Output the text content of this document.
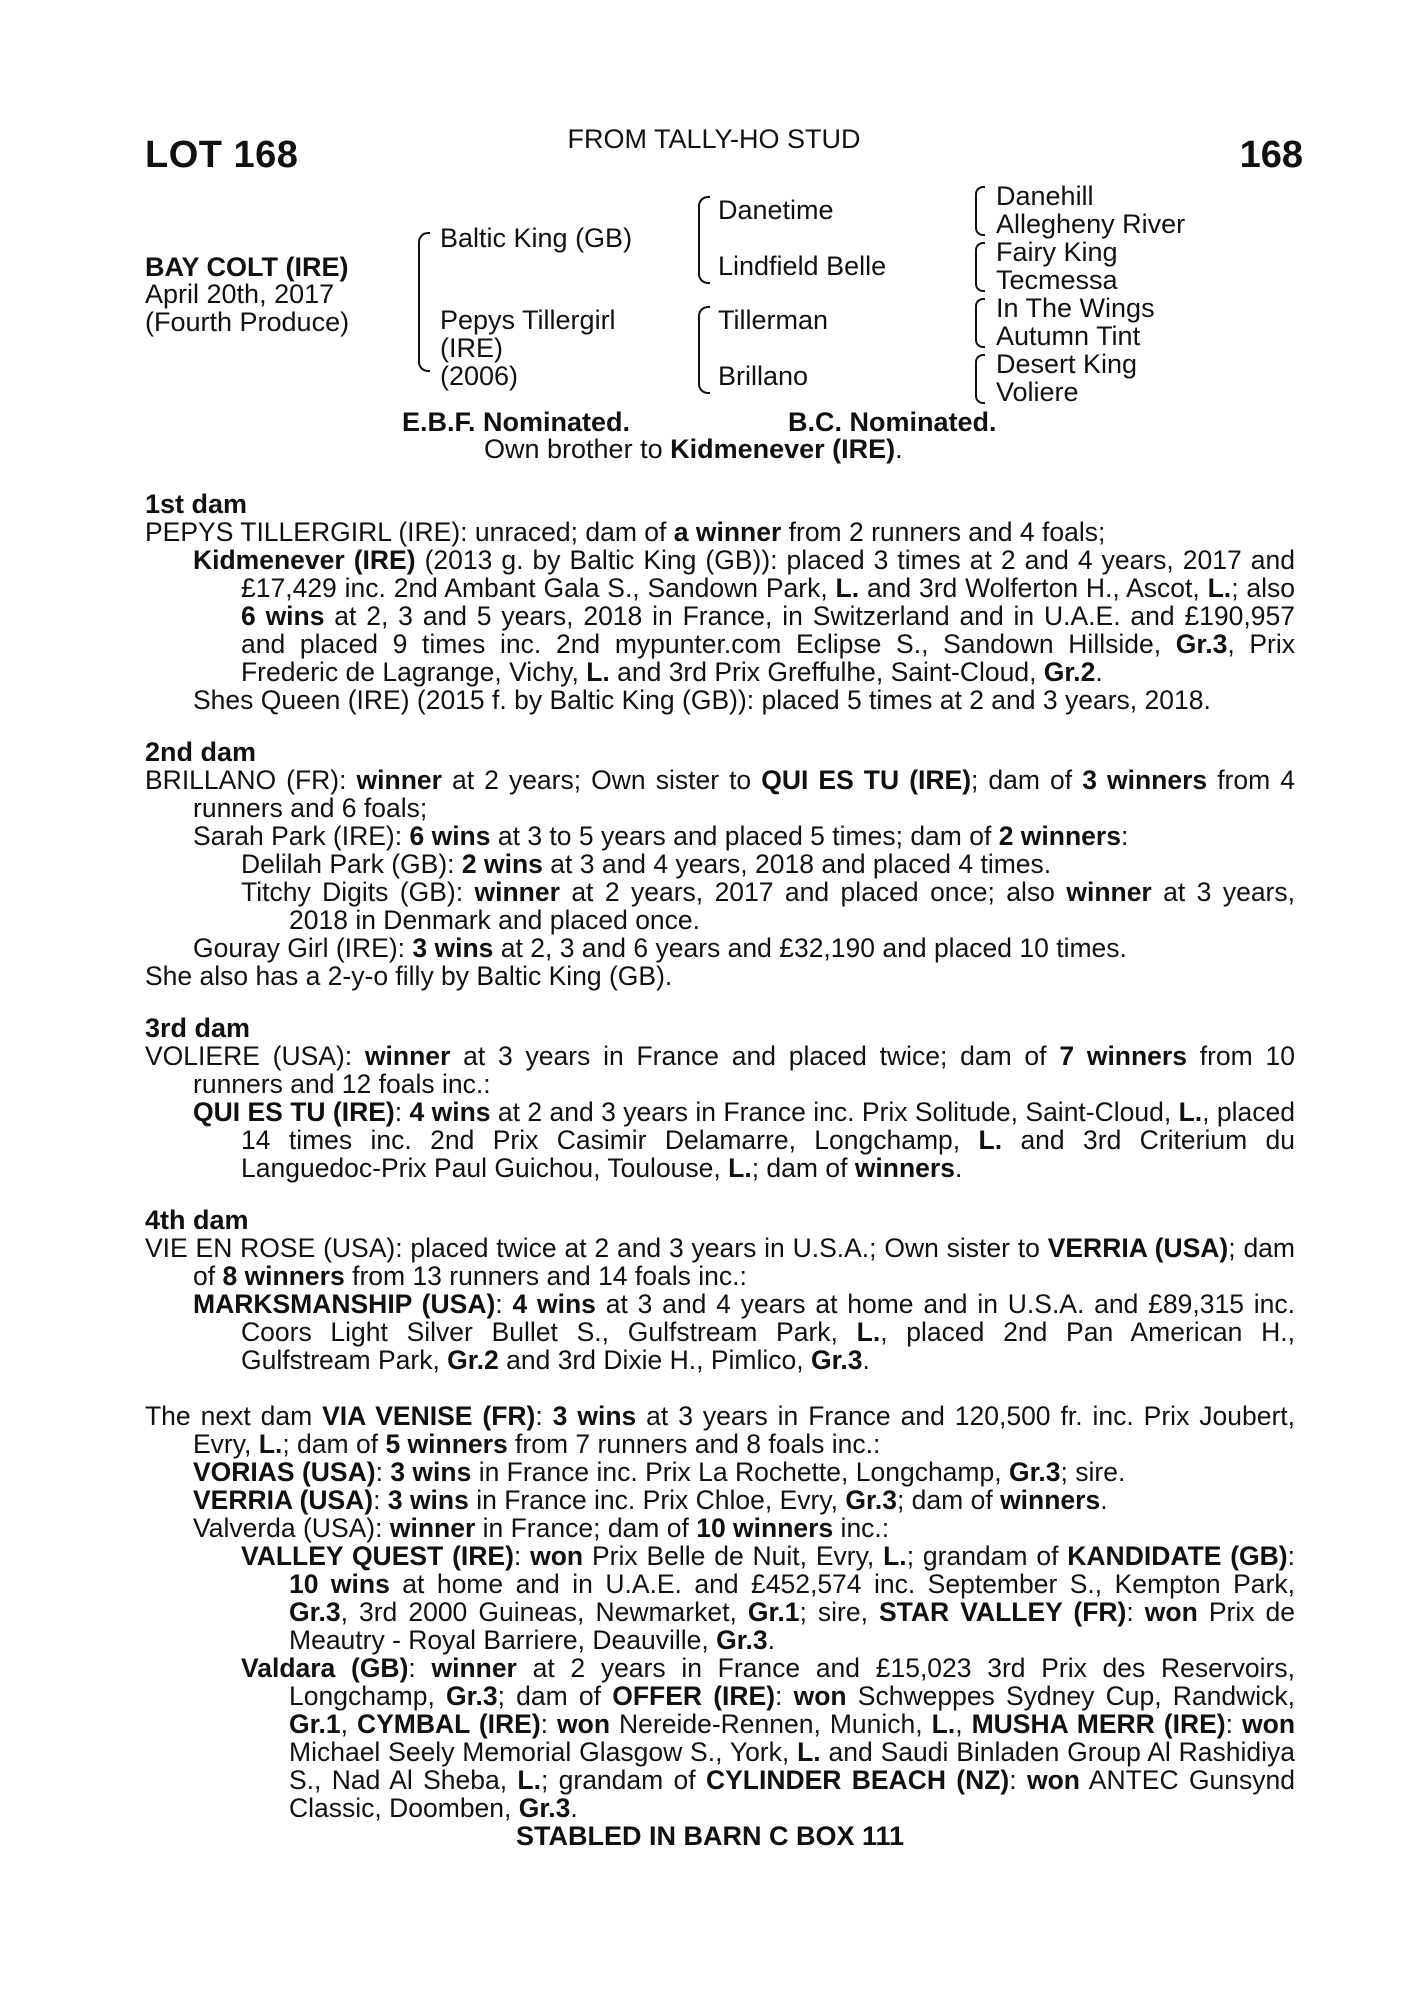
LOT 168	FROM TALLY-HO STUD	168
BAY COLT (IRE)
April 20th, 2017
(Fourth Produce)
Baltic King (GB)
Pepys Tillergirl
(IRE)
(2006)
Danetime
Lindfield Belle
Tillerman
Brillano
Danehill
Allegheny River
Fairy King
Tecmessa
In The Wings
Autumn Tint
Desert King
Voliere
E.B.F. Nominated.	B.C. Nominated.
Own brother to Kidmenever (IRE).
1st dam
PEPYS TILLERGIRL (IRE): unraced; dam of a winner from 2 runners and 4 foals;
Kidmenever (IRE) (2013 g. by Baltic King (GB)): placed 3 times at 2 and 4 years, 2017 and £17,429 inc. 2nd Ambant Gala S., Sandown Park, L. and 3rd Wolferton H., Ascot, L.; also 6 wins at 2, 3 and 5 years, 2018 in France, in Switzerland and in U.A.E. and £190,957 and placed 9 times inc. 2nd mypunter.com Eclipse S., Sandown Hillside, Gr.3, Prix Frederic de Lagrange, Vichy, L. and 3rd Prix Greffulhe, Saint-Cloud, Gr.2.
Shes Queen (IRE) (2015 f. by Baltic King (GB)): placed 5 times at 2 and 3 years, 2018.
2nd dam
BRILLANO (FR): winner at 2 years; Own sister to QUI ES TU (IRE); dam of 3 winners from 4 runners and 6 foals;
Sarah Park (IRE): 6 wins at 3 to 5 years and placed 5 times; dam of 2 winners:
Delilah Park (GB): 2 wins at 3 and 4 years, 2018 and placed 4 times.
Titchy Digits (GB): winner at 2 years, 2017 and placed once; also winner at 3 years, 2018 in Denmark and placed once.
Gouray Girl (IRE): 3 wins at 2, 3 and 6 years and £32,190 and placed 10 times.
She also has a 2-y-o filly by Baltic King (GB).
3rd dam
VOLIERE (USA): winner at 3 years in France and placed twice; dam of 7 winners from 10 runners and 12 foals inc.:
QUI ES TU (IRE): 4 wins at 2 and 3 years in France inc. Prix Solitude, Saint-Cloud, L., placed 14 times inc. 2nd Prix Casimir Delamarre, Longchamp, L. and 3rd Criterium du Languedoc-Prix Paul Guichou, Toulouse, L.; dam of winners.
4th dam
VIE EN ROSE (USA): placed twice at 2 and 3 years in U.S.A.; Own sister to VERRIA (USA); dam of 8 winners from 13 runners and 14 foals inc.:
MARKSMANSHIP (USA): 4 wins at 3 and 4 years at home and in U.S.A. and £89,315 inc. Coors Light Silver Bullet S., Gulfstream Park, L., placed 2nd Pan American H., Gulfstream Park, Gr.2 and 3rd Dixie H., Pimlico, Gr.3.
The next dam VIA VENISE (FR): 3 wins at 3 years in France and 120,500 fr. inc. Prix Joubert, Evry, L.; dam of 5 winners from 7 runners and 8 foals inc.:
VORIAS (USA): 3 wins in France inc. Prix La Rochette, Longchamp, Gr.3; sire.
VERRIA (USA): 3 wins in France inc. Prix Chloe, Evry, Gr.3; dam of winners.
Valverda (USA): winner in France; dam of 10 winners inc.:
VALLEY QUEST (IRE): won Prix Belle de Nuit, Evry, L.; grandam of KANDIDATE (GB): 10 wins at home and in U.A.E. and £452,574 inc. September S., Kempton Park, Gr.3, 3rd 2000 Guineas, Newmarket, Gr.1; sire, STAR VALLEY (FR): won Prix de Meautry - Royal Barriere, Deauville, Gr.3.
Valdara (GB): winner at 2 years in France and £15,023 3rd Prix des Reservoirs, Longchamp, Gr.3; dam of OFFER (IRE): won Schweppes Sydney Cup, Randwick, Gr.1, CYMBAL (IRE): won Nereide-Rennen, Munich, L., MUSHA MERR (IRE): won Michael Seely Memorial Glasgow S., York, L. and Saudi Binladen Group Al Rashidiya S., Nad Al Sheba, L.; grandam of CYLINDER BEACH (NZ): won ANTEC Gunsynd Classic, Doomben, Gr.3.
STABLED IN BARN C BOX 111
